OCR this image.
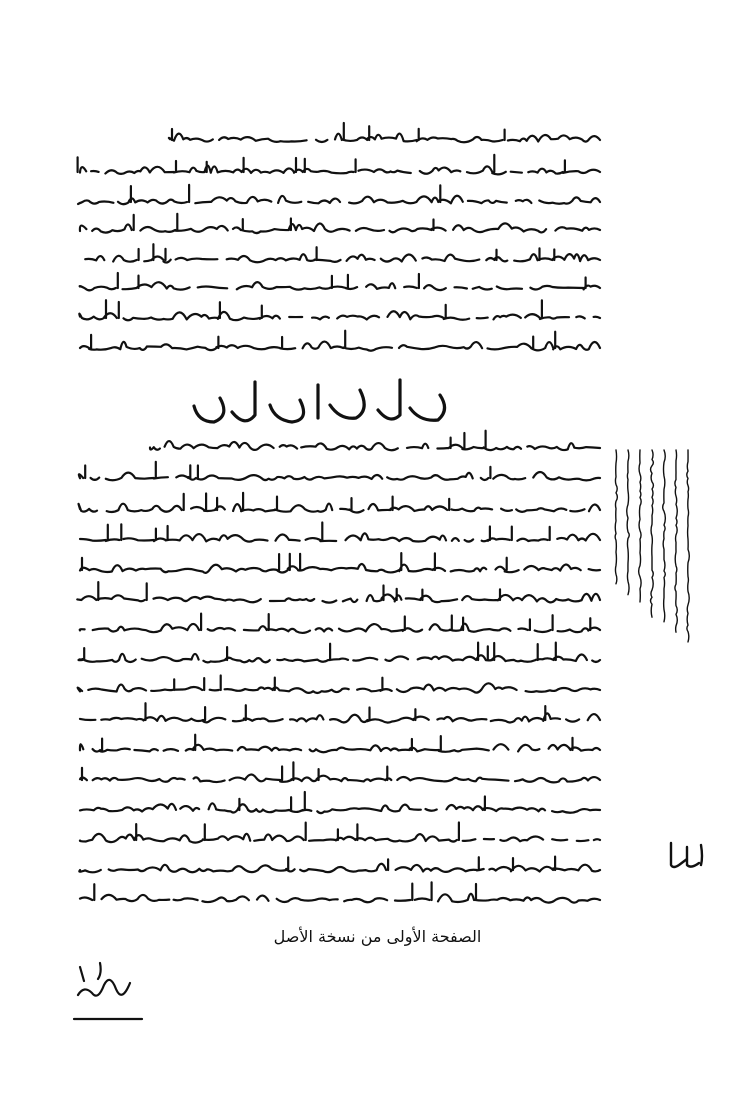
الصفحة الأولى من نسخة الأصل
